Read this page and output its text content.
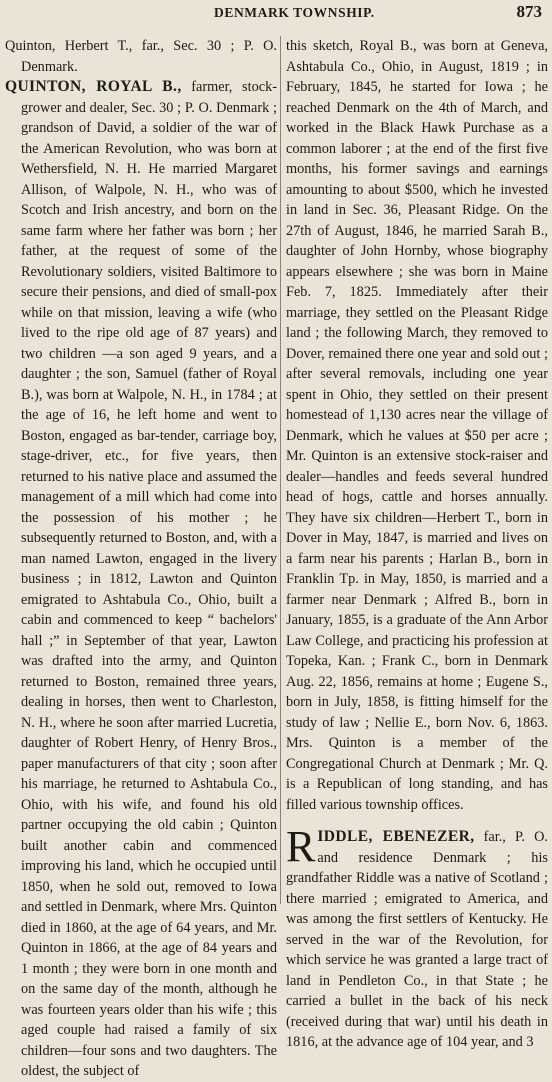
DENMARK TOWNSHIP.	873

Quinton, Herbert T., far., Sec. 30 ; P. O. Denmark.

QUINTON, ROYAL B., farmer, stock-grower and dealer, Sec. 30 ; P. O. Denmark ; grandson of David, a soldier of the war of the American Revolution, who was born at Wethersfield, N. H. He married Margaret Allison, of Walpole, N. H., who was of Scotch and Irish ancestry, and born on the same farm where her father was born ; her father, at the request of some of the Revolutionary soldiers, visited Baltimore to secure their pensions, and died of small-pox while on that mission, leaving a wife (who lived to the ripe old age of 87 years) and two children —a son aged 9 years, and a daughter ; the son, Samuel (father of Royal B.), was born at Walpole, N. H., in 1784 ; at the age of 16, he left home and went to Boston, engaged as bar-tender, carriage boy, stage-driver, etc., for five years, then returned to his native place and assumed the management of a mill which had come into the possession of his mother ; he subsequently returned to Boston, and, with a man named Lawton, engaged in the livery business ; in 1812, Lawton and Quinton emigrated to Ashtabula Co., Ohio, built a cabin and commenced to keep “ bachelors' hall ;” in September of that year, Lawton was drafted into the army, and Quinton returned to Boston, remained three years, dealing in horses, then went to Charleston, N. H., where he soon after married Lucretia, daughter of Robert Henry, of Henry Bros., paper manufacturers of that city ; soon after his marriage, he returned to Ashtabula Co., Ohio, with his wife, and found his old partner occupying the old cabin ; Quinton built another cabin and commenced improving his land, which he occupied until 1850, when he sold out, removed to Iowa and settled in Denmark, where Mrs. Quinton died in 1860, at the age of 64 years, and Mr. Quinton in 1866, at the age of 84 years and 1 month ; they were born in one month and on the same day of the month, although he was fourteen years older than his wife ; this aged couple had raised a family of six children—four sons and two daughters. The oldest, the subject of

this sketch, Royal B., was born at Geneva, Ashtabula Co., Ohio, in August, 1819 ; in February, 1845, he started for Iowa ; he reached Denmark on the 4th of March, and worked in the Black Hawk Purchase as a common laborer ; at the end of the first five months, his former savings and earnings amounting to about $500, which he invested in land in Sec. 36, Pleasant Ridge. On the 27th of August, 1846, he married Sarah B., daughter of John Hornby, whose biography appears elsewhere ; she was born in Maine Feb. 7, 1825. Immediately after their marriage, they settled on the Pleasant Ridge land ; the following March, they removed to Dover, remained there one year and sold out ; after several removals, including one year spent in Ohio, they settled on their present homestead of 1,130 acres near the village of Denmark, which he values at $50 per acre ; Mr. Quinton is an extensive stock-raiser and dealer—handles and feeds several hundred head of hogs, cattle and horses annually. They have six children—Herbert T., born in Dover in May, 1847, is married and lives on a farm near his parents ; Harlan B., born in Franklin Tp. in May, 1850, is married and a farmer near Denmark ; Alfred B., born in January, 1855, is a graduate of the Ann Arbor Law College, and practicing his profession at Topeka, Kan. ; Frank C., born in Denmark Aug. 22, 1856, remains at home ; Eugene S., born in July, 1858, is fitting himself for the study of law ; Nellie E., born Nov. 6, 1863. Mrs. Quinton is a member of the Congregational Church at Denmark ; Mr. Q. is a Republican of long standing, and has filled various township offices.

R IDDLE, EBENEZER, far., P. O. and residence Denmark ; his grandfather Riddle was a native of Scotland ; there married ; emigrated to America, and was among the first settlers of Kentucky. He served in the war of the Revolution, for which service he was granted a large tract of land in Pendleton Co., in that State ; he carried a bullet in the back of his neck (received during that war) until his death in 1816, at the advance age of 104 year, and 3
